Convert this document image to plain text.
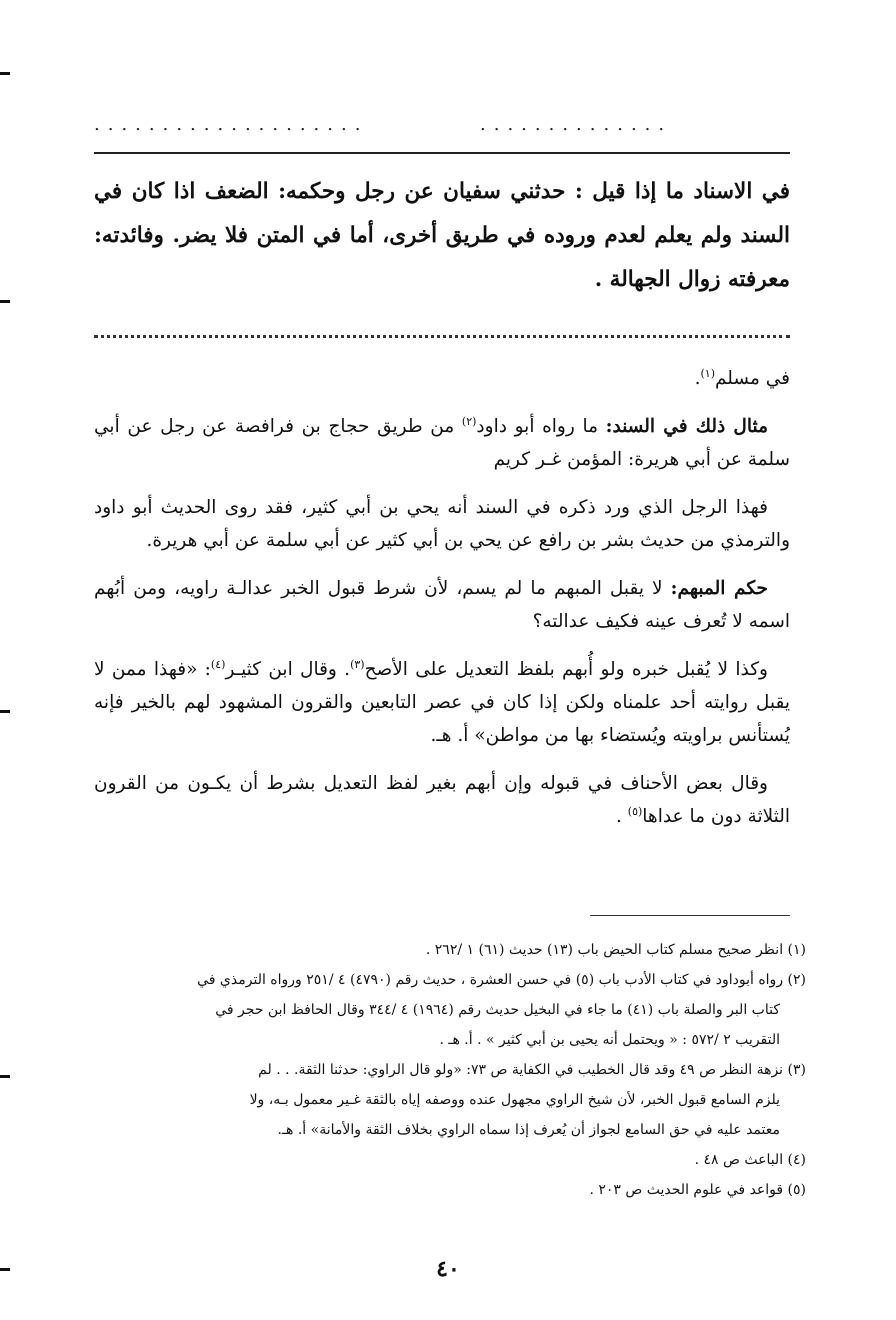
....................	..............
في الاسناد ما إذا قيل : حدثني سفيان عن رجل وحكمه: الضعف اذا كان في السند ولم يعلم لعدم وروده في طريق أخرى، أما في المتن فلا يضر. وفائدته: معرفته زوال الجهالة .

في مسلم$^{(١)}$.

مثال ذلك في السند: ما رواه أبو داود$^{(٢)}$ من طريق حجاج بن فرافصة عن رجل عن أبي سلمة عن أبي هريرة: المؤمن غـر كريم

فهذا الرجل الذي ورد ذكره في السند أنه يحي بن أبي كثير، فقد روى الحديث أبو داود والترمذي من حديث بشر بن رافع عن يحي بن أبي كثير عن أبي سلمة عن أبي هريرة.

حكم المبهم: لا يقبل المبهم ما لم يسم، لأن شرط قبول الخبر عدالـة راويه، ومن أبُهم اسمه لا تُعرف عينه فكيف عدالته؟

وكذا لا يُقبل خبره ولو أُبهم بلفظ التعديل على الأصح$^{(٣)}$. وقال ابن كثيـر$^{(٤)}$: «فهذا ممن لا يقبل روايته أحد علمناه ولكن إذا كان في عصر التابعين والقرون المشهود لهم بالخير فإنه يُستأنس براويته ويُستضاء بها من مواطن» أ. هـ.

وقال بعض الأحناف في قبوله وإن أبهم بغير لفظ التعديل بشرط أن يكـون من القرون الثلاثة دون ما عداها$^{(٥)}$ .

(١) انظر صحيح مسلم كتاب الحيض باب (١٣) حديث (٦١) ١ /٢٦٢ .

(٢) رواه أبوداود في كتاب الأدب باب (٥) في حسن العشرة ، حديث رقم (٤٧٩٠) ٤ /٢٥١ ورواه الترمذي في

كتاب البر والصلة باب (٤١) ما جاء في البخيل حديث رقم (١٩٦٤) ٤ /٣٤٤ وقال الحافظ ابن حجر في

التقريب ٢ /٥٧٢ : « ويحتمل أنه يحيى بن أبي كثير » . أ. هـ .

(٣) نزهة النظر ص ٤٩ وقد قال الخطيب في الكفاية ص ٧٣: «ولو قال الراوي: حدثنا الثقة. . . لم

يلزم السامع قبول الخبر، لأن شيخ الراوي مجهول عنده ووصفه إياه بالثقة غـير معمول بـه، ولا

معتمد عليه في حق السامع لجواز أن يُعرف إذا سماه الراوي بخلاف الثقة والأمانة» أ. هـ.

(٤) الباعث ص ٤٨ .

(٥) قواعد في علوم الحديث ص ٢٠٣ .

٤٠
